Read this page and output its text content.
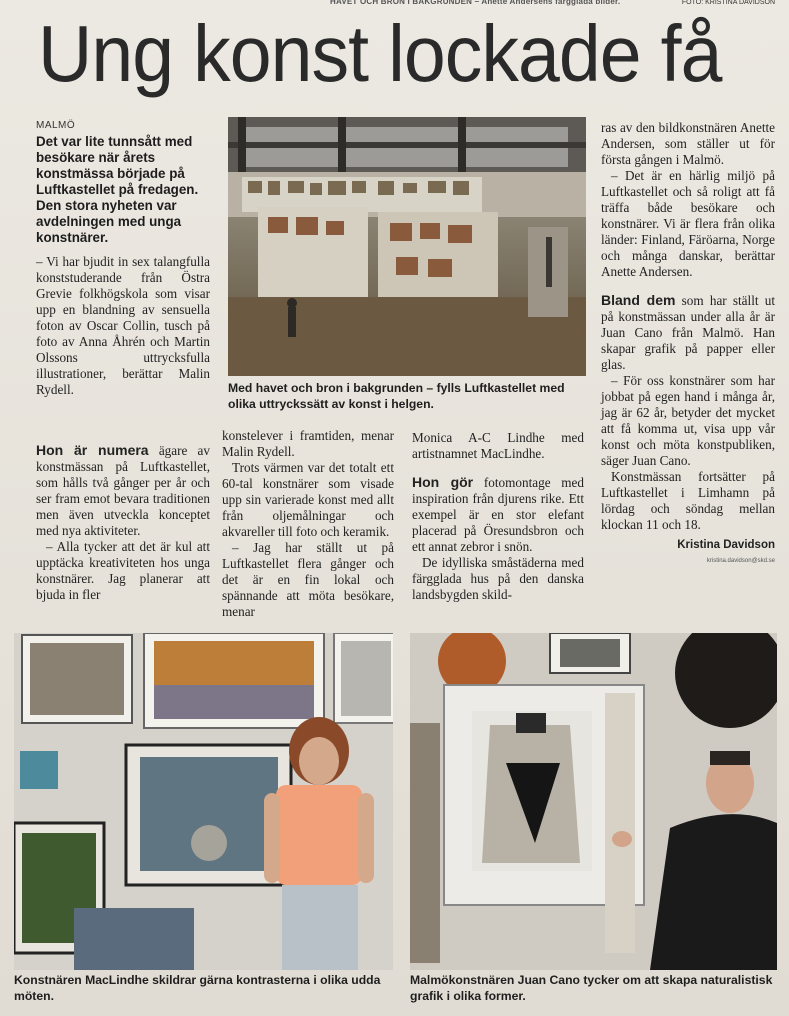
HAVET OCH BRON I BAKGRUNDEN – Anette Andersens färgglada bilder.	FOTO: KRISTINA DAVIDSON
Ung konst lockade få

MALMÖ

Det var lite tunnsått med besökare när årets konstmässa började på Luftkastellet på fredagen. Den stora nyheten var avdelningen med unga konstnärer.

– Vi har bjudit in sex talangfulla konststuderande från Östra Grevie folkhögskola som visar upp en blandning av sensuella foton av Oscar Collin, tusch på foto av Anna Åhrén och Martin Olssons uttrycksfulla illustrationer, berättar Malin Rydell.

Hon är numera ägare av konstmässan på Luftkastellet, som hålls två gånger per år och ser fram emot bevara traditionen men även utveckla konceptet med nya aktiviteter.

– Alla tycker att det är kul att upptäcka kreativiteten hos unga konstnärer. Jag planerar att bjuda in fler

konstelever i framtiden, menar Malin Rydell.

Trots värmen var det totalt ett 60-tal konstnärer som visade upp sin varierade konst med allt från oljemålningar och akvareller till foto och keramik.

– Jag har ställt ut på Luftkastellet flera gånger och det är en fin lokal och spännande att möta besökare, menar

Monica A-C Lindhe med artistnamnet MacLindhe.

Hon gör fotomontage med inspiration från djurens rike. Ett exempel är en stor elefant placerad på Öresundsbron och ett annat zebror i snön.

De idylliska småstäderna med färgglada hus på den danska landsbygden skild-

ras av den bildkonstnären Anette Andersen, som ställer ut för första gången i Malmö.

– Det är en härlig miljö på Luftkastellet och så roligt att få träffa både besökare och konstnärer. Vi är flera från olika länder: Finland, Färöarna, Norge och många danskar, berättar Anette Andersen.

Bland dem som har ställt ut på konstmässan under alla år är Juan Cano från Malmö. Han skapar grafik på papper eller glas.

– För oss konstnärer som har jobbat på egen hand i många år, jag är 62 år, betyder det mycket att få komma ut, visa upp vår konst och möta konstpubliken, säger Juan Cano.

Konstmässan fortsätter på Luftkastellet i Limhamn på lördag och söndag mellan klockan 11 och 18.

Kristina Davidson

kristina.davidson@skd.se

Med havet och bron i bakgrunden – fylls Luftkastellet med olika uttryckssätt av konst i helgen.
Konstnären MacLindhe skildrar gärna kontrasterna i olika udda möten.
Malmökonstnären Juan Cano tycker om att skapa naturalistisk grafik i olika former.
